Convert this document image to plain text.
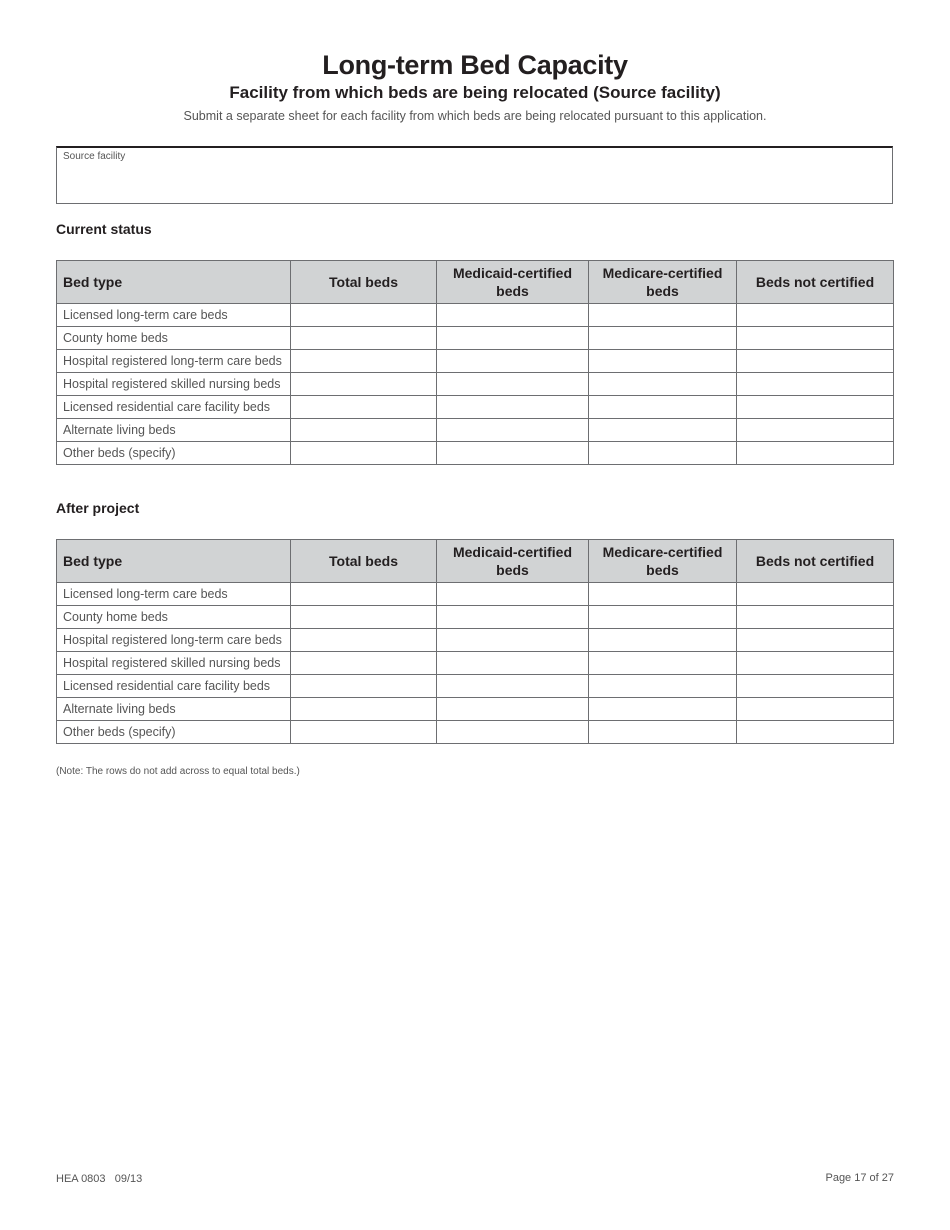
Long-term Bed Capacity
Facility from which beds are being relocated (Source facility)
Submit a separate sheet for each facility from which beds are being relocated pursuant to this application.
Source facility
Current status
Bed type	Total beds	Medicaid-certified beds	Medicare-certified beds	Beds not certified
Licensed long-term care beds				
County home beds				
Hospital registered long-term care beds				
Hospital registered skilled nursing beds				
Licensed residential care facility beds				
Alternate living beds				
Other beds (specify)				
After project
Bed type	Total beds	Medicaid-certified beds	Medicare-certified beds	Beds not certified
Licensed long-term care beds				
County home beds				
Hospital registered long-term care beds				
Hospital registered skilled nursing beds				
Licensed residential care facility beds				
Alternate living beds				
Other beds (specify)				
(Note: The rows do not add across to equal total beds.)
HEA 0803   09/13	Page 17 of 27
